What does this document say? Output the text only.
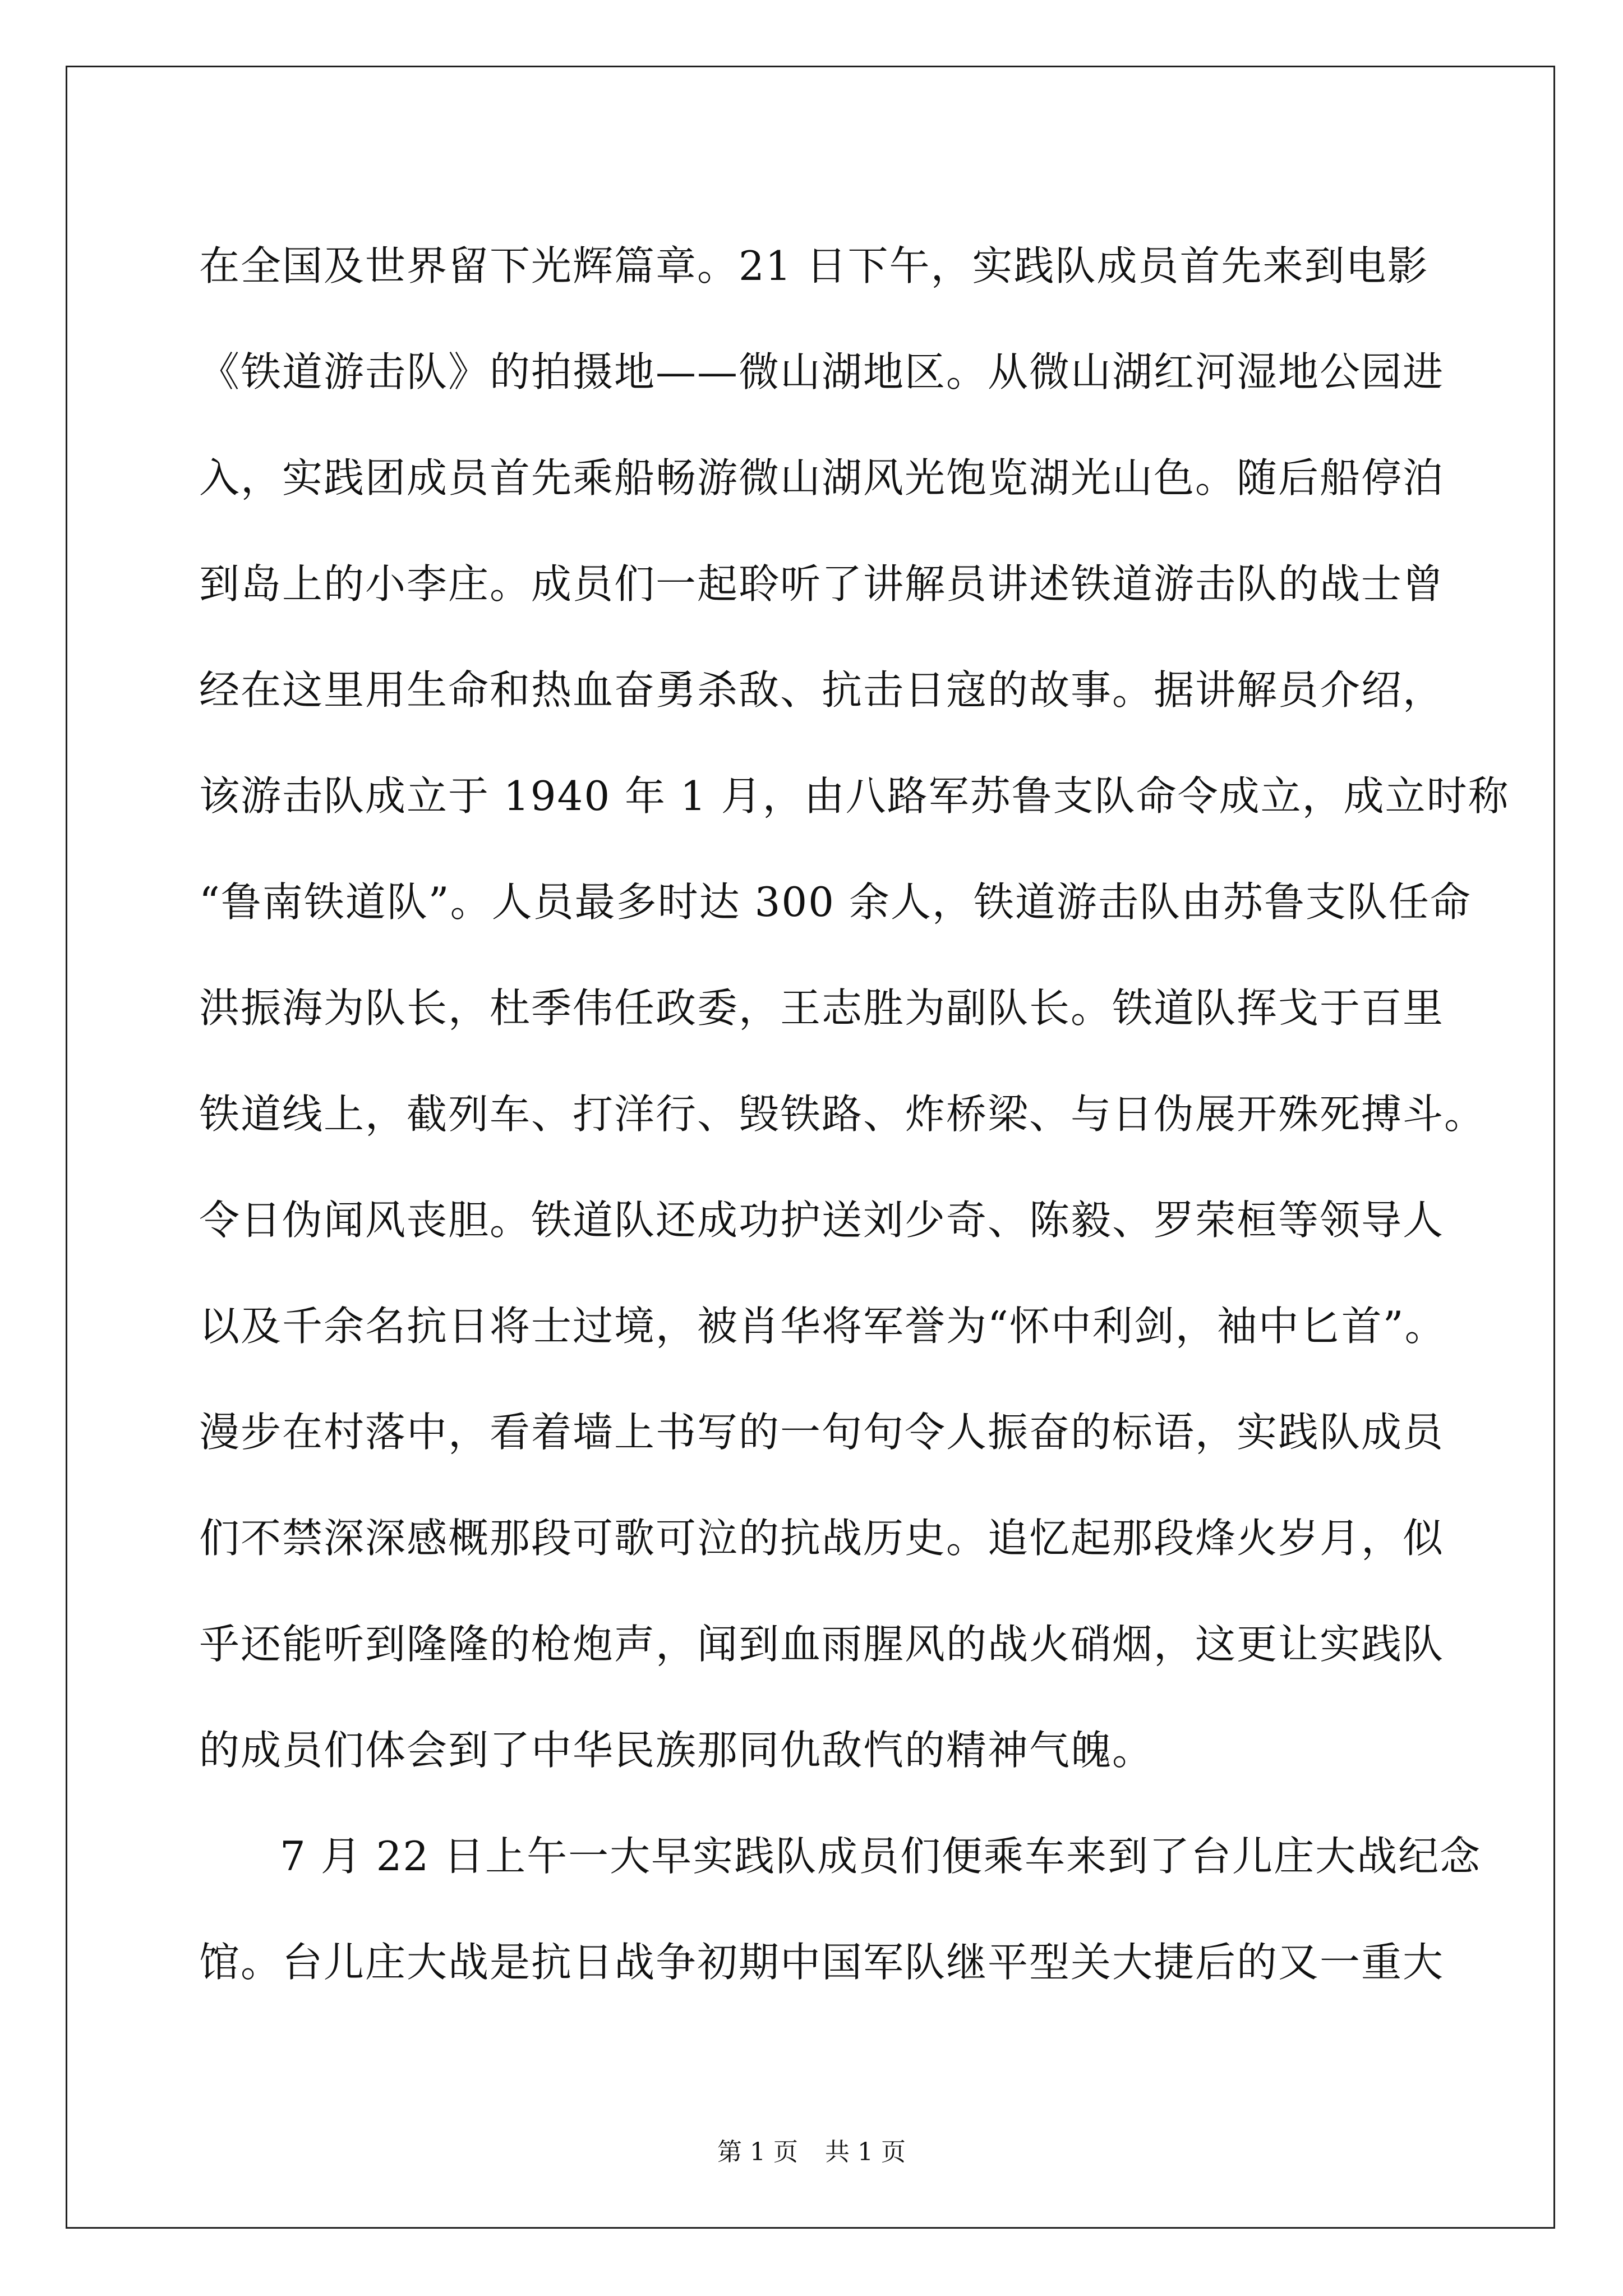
在全国及世界留下光辉篇章。21 日下午，实践队成员首先来到电影
《铁道游击队》的拍摄地——微山湖地区。从微山湖红河湿地公园进
入，实践团成员首先乘船畅游微山湖风光饱览湖光山色。随后船停泊
到岛上的小李庄。成员们一起聆听了讲解员讲述铁道游击队的战士曾
经在这里用生命和热血奋勇杀敌、抗击日寇的故事。据讲解员介绍，
该游击队成立于 1940 年 1 月，由八路军苏鲁支队命令成立，成立时称
“鲁南铁道队”。人员最多时达 300 余人，铁道游击队由苏鲁支队任命
洪振海为队长，杜季伟任政委，王志胜为副队长。铁道队挥戈于百里
铁道线上，截列车、打洋行、毁铁路、炸桥梁、与日伪展开殊死搏斗。
令日伪闻风丧胆。铁道队还成功护送刘少奇、陈毅、罗荣桓等领导人
以及千余名抗日将士过境，被肖华将军誉为“怀中利剑，袖中匕首”。
漫步在村落中，看着墙上书写的一句句令人振奋的标语，实践队成员
们不禁深深感概那段可歌可泣的抗战历史。追忆起那段烽火岁月，似
乎还能听到隆隆的枪炮声，闻到血雨腥风的战火硝烟，这更让实践队
的成员们体会到了中华民族那同仇敌忾的精神气魄。
7 月 22 日上午一大早实践队成员们便乘车来到了台儿庄大战纪念
馆。台儿庄大战是抗日战争初期中国军队继平型关大捷后的又一重大
第 1 页 共 1 页
